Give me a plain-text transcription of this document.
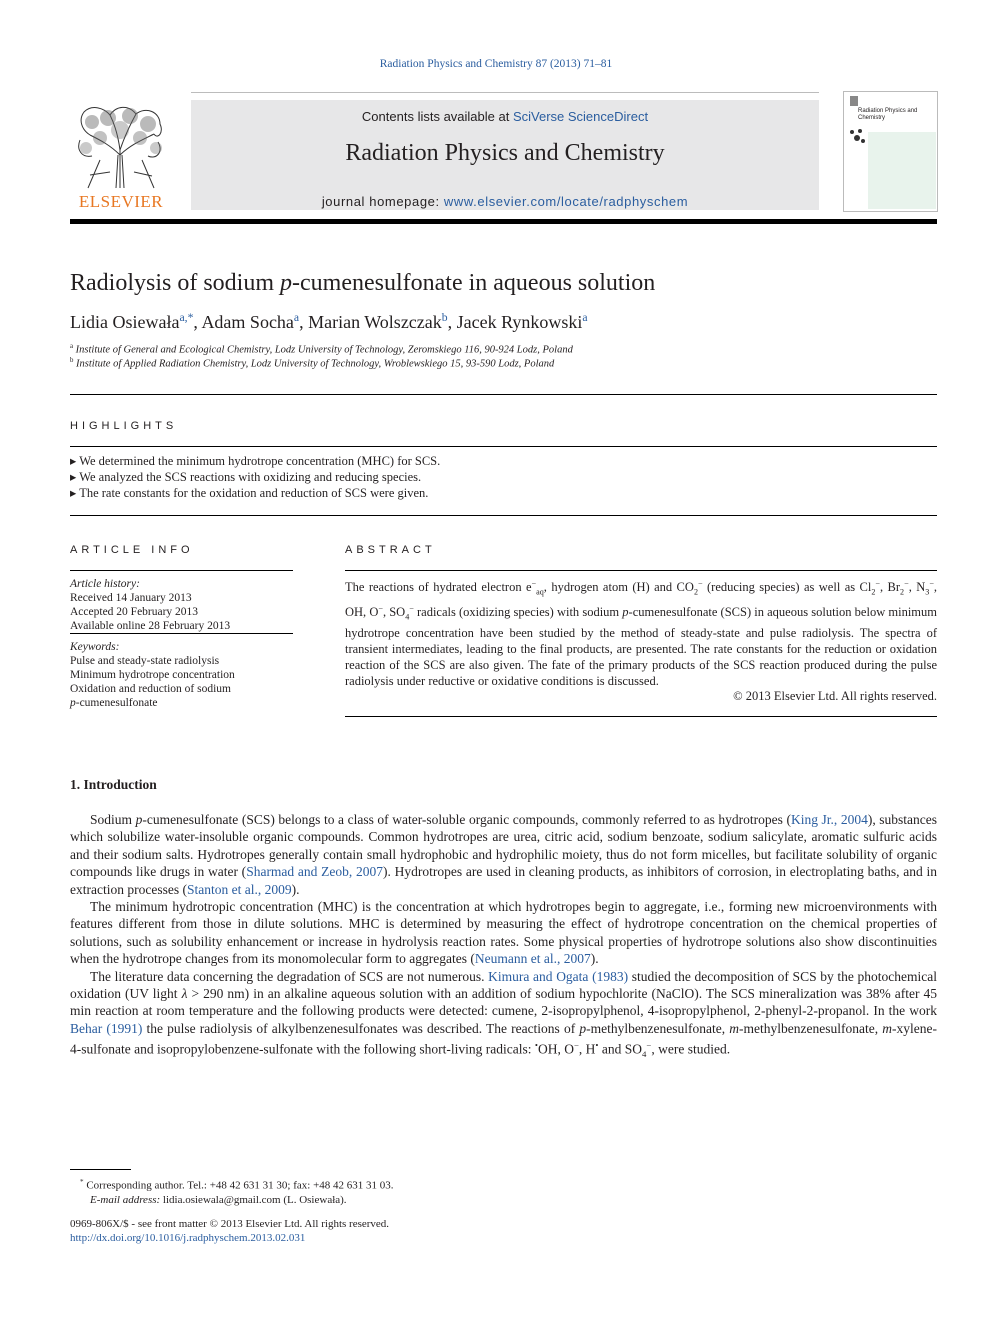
Radiation Physics and Chemistry 87 (2013) 71–81
ELSEVIER
Contents lists available at SciVerse ScienceDirect
Radiation Physics and Chemistry
journal homepage: www.elsevier.com/locate/radphyschem
Radiation Physics and Chemistry
Radiolysis of sodium p-cumenesulfonate in aqueous solution
Lidia Osiewała$^{a,*}$, Adam Socha$^a$, Marian Wolszczak$^b$, Jacek Rynkowski$^a$
$^a$ Institute of General and Ecological Chemistry, Lodz University of Technology, Zeromskiego 116, 90-924 Lodz, Poland
$^b$ Institute of Applied Radiation Chemistry, Lodz University of Technology, Wroblewskiego 15, 93-590 Lodz, Poland
HIGHLIGHTS
▸ We determined the minimum hydrotrope concentration (MHC) for SCS.
▸ We analyzed the SCS reactions with oxidizing and reducing species.
▸ The rate constants for the oxidation and reduction of SCS were given.
ARTICLE INFO
Article history:
Received 14 January 2013
Accepted 20 February 2013
Available online 28 February 2013
Keywords:
Pulse and steady-state radiolysis
Minimum hydrotrope concentration
Oxidation and reduction of sodium
p-cumenesulfonate
ABSTRACT
The reactions of hydrated electron $e^-_{aq}$, hydrogen atom (H) and $CO_2^-$ (reducing species) as well as $Cl_2^-$, $Br_2^-$, $N_3^-$, OH, O−, $SO_4^-$ radicals (oxidizing species) with sodium p-cumenesulfonate (SCS) in aqueous solution below minimum hydrotrope concentration have been studied by the method of steady-state and pulse radiolysis. The spectra of transient intermediates, leading to the final products, are presented. The rate constants for the reduction or oxidation reaction of the SCS are also given. The fate of the primary products of the SCS reaction produced during the pulse radiolysis under reductive or oxidative conditions is discussed.
© 2013 Elsevier Ltd. All rights reserved.
1. Introduction

Sodium p-cumenesulfonate (SCS) belongs to a class of water-soluble organic compounds, commonly referred to as hydrotropes (King Jr., 2004), substances which solubilize water-insoluble organic compounds. Common hydrotropes are urea, citric acid, sodium benzoate, sodium salicylate, aromatic sulfuric acids and their sodium salts. Hydrotropes generally contain small hydrophobic and hydrophilic moiety, thus do not form micelles, but facilitate solubility of organic compounds like drugs in water (Sharmad and Zeob, 2007). Hydrotropes are used in cleaning products, as inhibitors of corrosion, in electroplating baths, and in extraction processes (Stanton et al., 2009).

The minimum hydrotropic concentration (MHC) is the concentration at which hydrotropes begin to aggregate, i.e., forming new microenvironments with features different from those in dilute solutions. MHC is determined by measuring the effect of hydrotrope concentration on the chemical properties of solutions, such as solubility enhancement or increase in hydrolysis reaction rates. Some physical properties of hydrotrope solutions also show discontinuities when the hydrotrope changes from its monomolecular form to aggregates (Neumann et al., 2007).

The literature data concerning the degradation of SCS are not numerous. Kimura and Ogata (1983) studied the decomposition of SCS by the photochemical oxidation (UV light λ > 290 nm) in an alkaline aqueous solution with an addition of sodium hypochlorite (NaClO). The SCS mineralization was 38% after 45 min reaction at room temperature and the following products were detected: cumene, 2-isopropylphenol, 4-isopropylphenol, 2-phenyl-2-propanol. In the work Behar (1991) the pulse radiolysis of alkylbenzenesulfonates was described. The reactions of p-methylbenzenesulfonate, m-methylbenzenesulfonate, m-xylene-4-sulfonate and isopropylobenzene-sulfonate with the following short-living radicals: •OH, O−, H• and $SO_4^-$, were studied.

* Corresponding author. Tel.: +48 42 631 31 30; fax: +48 42 631 31 03.
E-mail address: lidia.osiewala@gmail.com (L. Osiewała).
0969-806X/$ - see front matter © 2013 Elsevier Ltd. All rights reserved.
http://dx.doi.org/10.1016/j.radphyschem.2013.02.031
